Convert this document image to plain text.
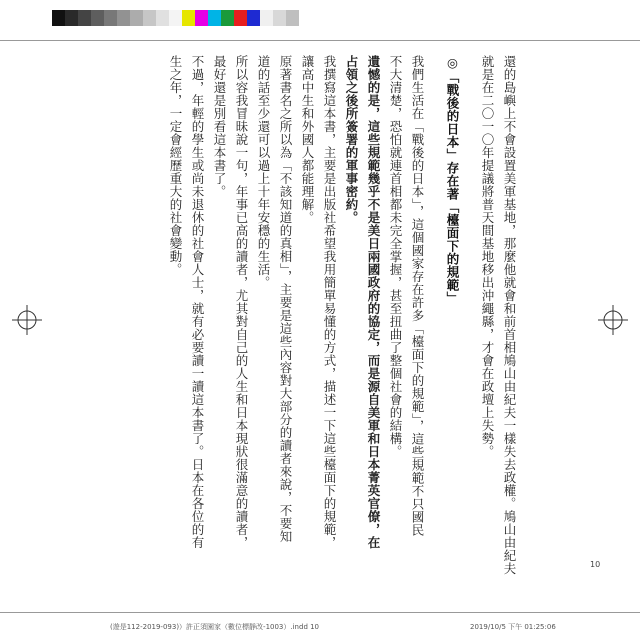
還的島嶼上不會設置美軍基地，那麼他就會和前首相鳩山由紀夫一樣失去政權。鳩山由紀夫
就是在二〇一〇年提議將普天間基地移出沖繩縣，才會在政壇上失勢。
◎「戰後的日本」存在著「檯面下的規範」
我們生活在「戰後的日本」，這個國家存在許多「檯面下的規範」，這些規範不只國民
不大清楚，恐怕就連首相都未完全掌握，甚至扭曲了整個社會的結構。
遺憾的是，這些規範幾乎不是美日兩國政府的協定，而是源自美軍和日本菁英官僚，在
占領之後所簽署的軍事密約。
我撰寫這本書，主要是出版社希望我用簡單易懂的方式，描述一下這些檯面下的規範，
讓高中生和外國人都能理解。
原著書名之所以為「不該知道的真相」，主要是這些內容對大部分的讀者來說，不要知
道的話至少還可以過上十年安穩的生活。
所以容我冒昧說一句，年事已高的讀者，尤其對自己的人生和日本現狀很滿意的讀者，
最好還是別看這本書了。
不過，年輕的學生或尚未退休的社會人士，就有必要讀一讀這本書了。日本在各位的有
生之年，一定會經歷重大的社會變動。
10
(遊是112-2019-093)）許正須園家（數位標靜改-1003）.indd 10	2019/10/5 下午 01:25:06
